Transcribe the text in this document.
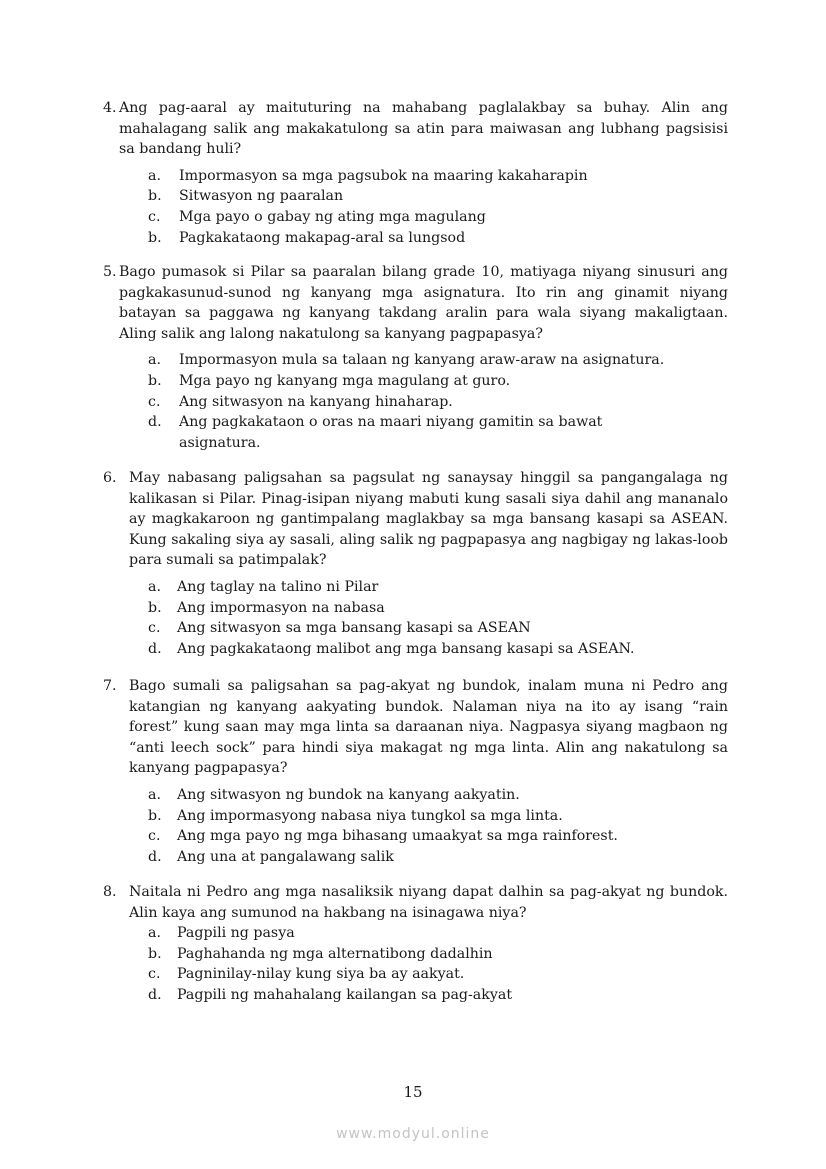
4. Ang pag-aaral ay maituturing na mahabang paglalakbay sa buhay. Alin ang mahalagang salik ang makakatulong sa atin para maiwasan ang lubhang pagsisisi sa bandang huli?
a. Impormasyon sa mga pagsubok na maaring kakaharapin
b. Sitwasyon ng paaralan
c. Mga payo o gabay ng ating mga magulang
b. Pagkakataong makapag-aral sa lungsod
5. Bago pumasok si Pilar sa paaralan bilang grade 10, matiyaga niyang sinusuri ang pagkakasunud-sunod ng kanyang mga asignatura. Ito rin ang ginamit niyang batayan sa paggawa ng kanyang takdang aralin para wala siyang makaligtaan. Aling salik ang lalong nakatulong sa kanyang pagpapasya?
a. Impormasyon mula sa talaan ng kanyang araw-araw na asignatura.
b. Mga payo ng kanyang mga magulang at guro.
c. Ang sitwasyon na kanyang hinaharap.
d. Ang pagkakataon o oras na maari niyang gamitin sa bawat asignatura.
6. May nabasang paligsahan sa pagsulat ng sanaysay hinggil sa pangangalaga ng kalikasan si Pilar. Pinag-isipan niyang mabuti kung sasali siya dahil ang mananalo ay magkakaroon ng gantimpalang maglakbay sa mga bansang kasapi sa ASEAN. Kung sakaling siya ay sasali, aling salik ng pagpapasya ang nagbigay ng lakas-loob para sumali sa patimpalak?
a. Ang taglay na talino ni Pilar
b. Ang impormasyon na nabasa
c. Ang sitwasyon sa mga bansang kasapi sa ASEAN
d. Ang pagkakataong malibot ang mga bansang kasapi sa ASEAN.
7. Bago sumali sa paligsahan sa pag-akyat ng bundok, inalam muna ni Pedro ang katangian ng kanyang aakyating bundok. Nalaman niya na ito ay isang “rain forest” kung saan may mga linta sa daraanan niya. Nagpasya siyang magbaon ng “anti leech sock” para hindi siya makagat ng mga linta. Alin ang nakatulong sa kanyang pagpapasya?
a. Ang sitwasyon ng bundok na kanyang aakyatin.
b. Ang impormasyong nabasa niya tungkol sa mga linta.
c. Ang mga payo ng mga bihasang umaakyat sa mga rainforest.
d. Ang una at pangalawang salik
8. Naitala ni Pedro ang mga nasaliksik niyang dapat dalhin sa pag-akyat ng bundok. Alin kaya ang sumunod na hakbang na isinagawa niya?
a. Pagpili ng pasya
b. Paghahanda ng mga alternatibong dadalhin
c. Pagninilay-nilay kung siya ba ay aakyat.
d. Pagpili ng mahahalang kailangan sa pag-akyat
15
www.modyul.online
